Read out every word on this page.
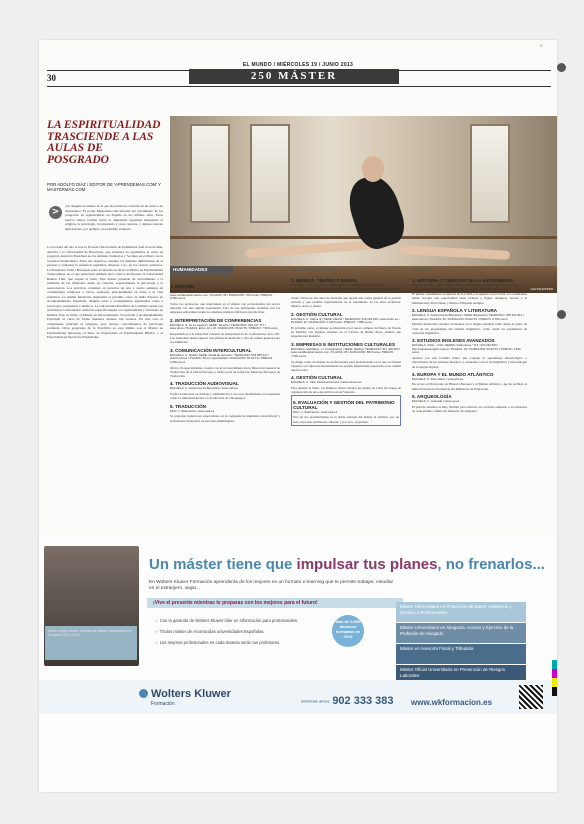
EL MUNDO / MIÉRCOLES 19 / JUNIO 2013
30	250 MÁSTER
LA ESPIRITUALIDAD TRASCIENDE A LAS AULAS DE POSGRADO
POR ADOLFO DÍAZ / EDITOR DE 'APRENDEMAS.COM' Y MASTERMAS.COM
>
¿Se imagina un máster en el que las prácticas consistan en un retiro a un monasterio? El portal Mastermas.com informa del crecimiento de los posgrados en espiritualidad en España en los últimos años. Estos nuevos títulos forman sobre la dimensión espiritual integrando la religión, la psicología, la psiquiatría y otras ciencias, y algunos buscan aplicaciones, por ejemplo, en el ámbito sanitario.
La novedad del año la trae la Escuela Universitaria de Enfermería Sant Joan de Déu, adscrita a la Universidad de Barcelona, que estrenará en septiembre el curso de posgrado Atención Espiritual en los Ámbitos Sanitarios y Sociales en el Marco de la Sociedad Posmoderna. Entre sus objetivos, estudiar las distintas dimensiones de la persona y aumentar la asistencia espiritual, religiosa o no, en los centros sanitarios. La Fundación Vidal i Barraquer puso en marcha en 2012 su Máster en Espiritualidad Transcultural, en el que participan también otros centros incluyendo la Universidad Ramon Llull, que expide el título. Este máster pretende un acercamiento a la sabiduría de las religiones desde las ciencias, especialmente la psicología y la neurociencia. Las prácticas consisten en periodos de una a cuatro semanas en comunidades religiosas o laicas, veteranas principalmente en torno a la vida espiritual. La misma fundación mantendrá el próximo curso su título Experto en Acompañamiento Espiritual, dirigido tanto a acompañantes espirituales como a psicólogos, psiquiatras y médicos. La Universidad Pontificia de Comillas cuenta con un Instituto Universitario dedicado específicamente a la espiritualidad y vinculado en Madrid. Este su título, el Máster en Discernimiento Vocacional y Acompañamiento Espiritual se cursa de forma intensiva durante tres veranos. En este caso el componente principal es religioso, pero incluye conocimientos de psicología profunda. Otros posgrados de la Pontificia en este ámbito son el Máster en Espiritualidad Ignaciana, el título de Especialista en Espiritualidad Bíblica, y el Especialista en Ejercicios Espirituales.
GALTOHOPPER
HUMANIDADES
EDICIÓN Y TRADUCCIÓN
1. EDICIÓN
ESCUELA: Santillana - U. Complutense / SEDE: Madrid / TELÉFONO: 913 842 857 / www.santillanaformacion.com / PLAZAS: 35 / DURACIÓN: 700 horas / PRECIO: 6.650 euros
Todos los profesores que intervienen en el máster son profesionales del sector editorial con una amplia experiencia. Uno de sus principales reclamos son las empresas editoriales donde los alumnos realizan 240 horas de prácticas.
2. INTERPRETACIÓN DE CONFERENCIAS
ESCUELA: U. de La Laguna / SEDE: Tenerife / TELÉFONO: 922 317 717 / www.ull.es / PLAZAS: Entre 12 y 15 / DURACIÓN: 60 ECTS / PRECIO: 7.500 euros
Respaldado por la Dirección General de Interpretación de Conferencias de la UE. Los aspirantes deben superar una prueba de memoria y otra de cultura general para ser admitidos.
3. COMUNICACIÓN INTERCULTURAL
ESCUELA: U. Alcalá / SEDE: Alcalá de Henares / TELÉFONO: 918 855 347 / www2.uah.es / PLAZAS: 30 por especialidad / DURACIÓN: 60 ECTS / PRECIO: 3.900 euros
Oferta 10 especialidades. Cuenta con el reconocimiento de la Dirección General de Traducción de la Unión Europea y forma parte de la Red de Másteres Europeos de Traducción.
4. TRADUCCIÓN AUDIOVISUAL
ESCUELA: U. Autónoma de Barcelona / www.uab.es
Forma traductores en doblaje y subtitulación y en otras modalidades en expansión como la audiodescripción o la traducción de videojuegos.
5. TRADUCCIÓN
ESC: U. Salamanca / www.usal.es
Se preparan traductores especialistas en la competencia lingüística intercultural y profesional traductores en entornos multilingües.
GESTIÓN CULTURAL
1. MÚSICA, TEATRO Y DANZA
ESCUELA: U. Complutense / SEDE: Madrid / TELÉFONO: 913 107 432 / www.masteringestioncultural.org / PLAZAS: 45 / DURACIÓN: 1.250 horas / PRECIO: 7.000 euros
Título oficial de dos años de duración que aporta una visión general de la gestión cultural y que permite especializarse en el tratamiento de las artes escénicas: música, teatro y danza.
2. GESTIÓN CULTURAL
ESCUELA: U. Carlos III / SEDE: Madrid / TELÉFONO: 916 249 220 / www.uc3m.es / PLAZAS: 42 / DURACIÓN: 2.125 horas / PRECIO: 7.880 euros
El próximo curso, el máster se impartirá en el nuevo campus de Puerta de Toledo en Madrid, con algunas sesiones en el Círculo de Bellas Artes, entidad que respalda esta maestría.
3. EMPRESAS E INSTITUCIONES CULTURALES
ESCUELA: Santillana - U. Complutense / SEDE: Madrid / TELÉFONO: 917 448 303 / www.santillanaformacion.com / PLAZAS: 35 / DURACIÓN: 800 horas / PRECIO: 7.500 euros
Se dirige como un máster de profesionales para profesionales en el que se forman expertos con rigurosas herramientas de gestión empresarial preparados para asumir nuevos retos.
4. GESTIÓN CULTURAL
ESCUELA: U. CEU Cardenal Herrera / www.uchceu.es
Para obtener el título, los alumnos deben trabajar en equipo en todas las etapas de organización de una exposición real en Valencia.
5. EVALUACIÓN Y GESTIÓN DEL PATRIMONIO CULTURAL
ESC: U. Salamanca / www.usal.es
Una de sus peculiaridades es el doble enfoque del máster al analizar, por un lado, el propio patrimonio cultural, y por otro, su gestión.
LETRAS
1. HISTORIA Y CIENCIAS DE LA ANTIGÜEDAD
ESCUELA: UCM - UAM / SEDE: Madrid / TELÉFONO: 914 975 169 / www.uam.es / www.ucm.es / PLAZAS: 50 / DURACIÓN: 60 ECTS / PRECIO: 3.000 euros
El primer cuatrimestre se imparte en la UAM y el segundo en la UCM. Los estudiantes deben escoger una especialidad entre Oriente y Egipto Antiguos, Grecia y el Mediterráneo Prerromano y Roma e Hispania Antigua.
2. LENGUA ESPAÑOLA Y LITERATURA
ESCUELA: U. Autónoma de Barcelona / SEDE: Barcelona / TELÉFONO: 935 814 912 / www.uab.es / PLAZAS: 50 / DURACIÓN: 60 ECTS / PRECIO: 2.700 euros
Permite desarrollar estudios avanzados en la lengua española tanto desde el punto de vista de las propiedades del sistema lingüístico, como desde los parámetros de variación lingüística.
3. ESTUDIOS INGLESES AVANZADOS
ESCUELA: USAL - UVA / SEDES: Salamanca / TLF.: 923 294 500 / http://mastereninglés.usal.es / PLAZAS: 45 / DURACIÓN: 60 ECTS / PRECIO: 2.530 euros
Apuesta por una formula mixta que conjuga el aprendizaje metodológico e intercultural de los estudios literarios y culturales con los de lingüística y metodología de la lengua inglesa.
4. EUROPA Y EL MUNDO ATLÁNTICO
ESCUELA: U. País Vasco / www.ehu.es
Da acceso al Doctorado en Historia Europea y el Mundo Atlántico, que ha recibido la Mención hacia la Excelencia del Ministerio de Educación.
5. ARQUEOLOGÍA
ESCUELA: U. Granada / www.ugr.es
El plan de estudios es muy flexible para elaborar un currículo adaptado a los intereses de cada alumno. Oferta un itinerario investigador.
Esther López Martín. Alumna de Máster Universitario en Abogacía 2012-2013
Un máster tiene que impulsar tus planes, no frenarlos...
En Wolters Kluwer Formación aprenderás de los mejores en un formato e-learning que te permite trabajar, estudiar en el extranjero, viajar...
¡Vive el presente mientras te preparas con los mejores para el futuro!
✓ Con la garantía de Wolters Kluwer líder en información para profesionales.
✓ Títulos máster de reconocidas universidades Españolas.
✓ Los mejores profesionales en cada materia serán tus profesores.
Más de 3.000 alumnos formados en 2013
Máster Universitario en Protección de Datos: Asistencia y Servicio a Profesionales
Máster Universitario en Abogacía. Acceso y Ejercicio de la Profesión de Abogado
Máster en Asesoría Fiscal y Tributaria
Máster Oficial Universitario en Prevención de Riesgos Laborales
Wolters Kluwer
Formación	Infórmate ahora 902 333 383 www.wkformacion.es
3
